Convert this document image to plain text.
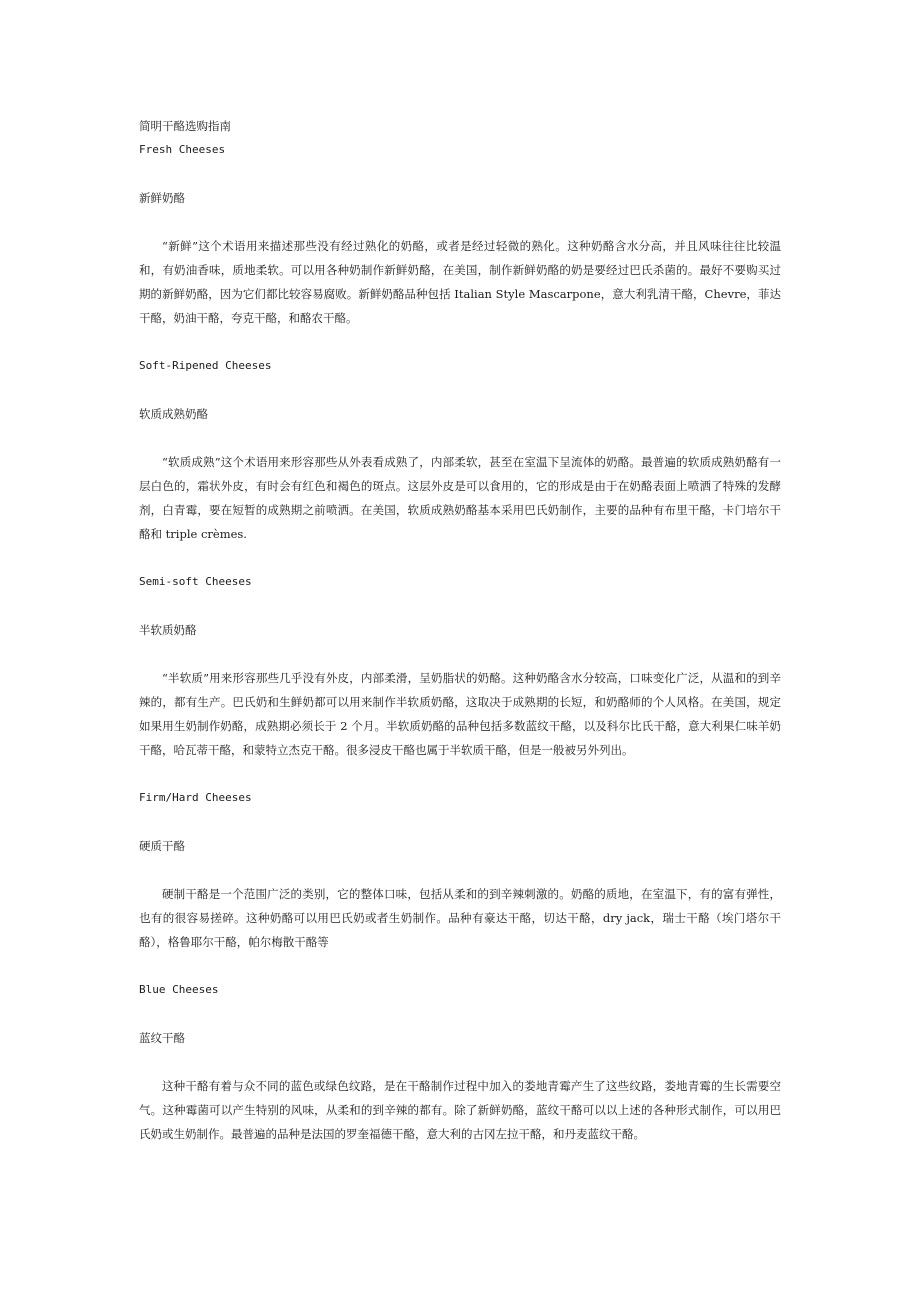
简明干酪选购指南

Fresh Cheeses

新鲜奶酪

“新鲜”这个术语用来描述那些没有经过熟化的奶酪，或者是经过轻微的熟化。这种奶酪含水分高，并且风味往往比较温和，有奶油香味，质地柔软。可以用各种奶制作新鲜奶酪，在美国，制作新鲜奶酪的奶是要经过巴氏杀菌的。最好不要购买过期的新鲜奶酪，因为它们都比较容易腐败。新鲜奶酪品种包括 Italian Style Mascarpone，意大利乳清干酪，Chevre，菲达干酪，奶油干酪，夸克干酪，和酪农干酪。

Soft-Ripened Cheeses

软质成熟奶酪

“软质成熟”这个术语用来形容那些从外表看成熟了，内部柔软，甚至在室温下呈流体的奶酪。最普遍的软质成熟奶酪有一层白色的，霜状外皮，有时会有红色和褐色的斑点。这层外皮是可以食用的，它的形成是由于在奶酪表面上喷洒了特殊的发酵剂，白青霉，要在短暂的成熟期之前喷洒。在美国，软质成熟奶酪基本采用巴氏奶制作，主要的品种有布里干酪，卡门培尔干酪和 triple crèmes.

Semi-soft Cheeses

半软质奶酪

“半软质”用来形容那些几乎没有外皮，内部柔滑，呈奶脂状的奶酪。这种奶酪含水分较高，口味变化广泛，从温和的到辛辣的，都有生产。巴氏奶和生鲜奶都可以用来制作半软质奶酪，这取决于成熟期的长短，和奶酪师的个人风格。在美国，规定如果用生奶制作奶酪，成熟期必须长于 2 个月。半软质奶酪的品种包括多数蓝纹干酪，以及科尔比氏干酪，意大利果仁味羊奶干酪，哈瓦蒂干酪，和蒙特立杰克干酪。很多浸皮干酪也属于半软质干酪，但是一般被另外列出。

Firm/Hard Cheeses

硬质干酪

硬制干酪是一个范围广泛的类别，它的整体口味，包括从柔和的到辛辣刺激的。奶酪的质地，在室温下，有的富有弹性，也有的很容易搓碎。这种奶酪可以用巴氏奶或者生奶制作。品种有豪达干酪，切达干酪，dry jack，瑞士干酪（埃门塔尔干酪），格鲁耶尔干酪，帕尔梅散干酪等

Blue Cheeses

蓝纹干酪

这种干酪有着与众不同的蓝色或绿色纹路，是在干酪制作过程中加入的娄地青霉产生了这些纹路，娄地青霉的生长需要空气。这种霉菌可以产生特别的风味，从柔和的到辛辣的都有。除了新鲜奶酪，蓝纹干酪可以以上述的各种形式制作，可以用巴氏奶或生奶制作。最普遍的品种是法国的罗奎福德干酪，意大利的古冈左拉干酪，和丹麦蓝纹干酪。
